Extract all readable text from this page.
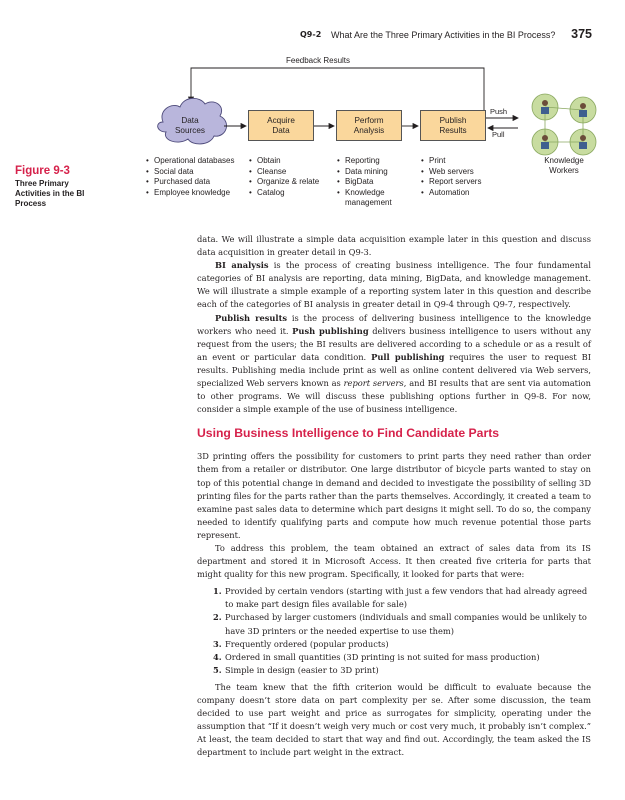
Q9-2 What Are the Three Primary Activities in the BI Process? 375
Feedback Results
Data
Sources
Acquire
Data
Perform
Analysis
Publish
Results
Push
Pull
Knowledge
Workers
• Operational databases
• Social data
• Purchased data
• Employee knowledge
• Obtain
• Cleanse
• Organize & relate
• Catalog
• Reporting
• Data mining
• BigData
• Knowledge management
• Print
• Web servers
• Report servers
• Automation
Figure 9-3
Three Primary Activities in the BI Process

data. We will illustrate a simple data acquisition example later in this question and discuss data acquisition in greater detail in Q9-3.

BI analysis is the process of creating business intelligence. The four fundamental categories of BI analysis are reporting, data mining, BigData, and knowledge management. We will illustrate a simple example of a reporting system later in this question and describe each of the categories of BI analysis in greater detail in Q9-4 through Q9-7, respectively.

Publish results is the process of delivering business intelligence to the knowledge workers who need it. Push publishing delivers business intelligence to users without any request from the users; the BI results are delivered according to a schedule or as a result of an event or particular data condition. Pull publishing requires the user to request BI results. Publishing media include print as well as online content delivered via Web servers, specialized Web servers known as report servers, and BI results that are sent via automation to other programs. We will discuss these publishing options further in Q9-8. For now, consider a simple example of the use of business intelligence.

Using Business Intelligence to Find Candidate Parts

3D printing offers the possibility for customers to print parts they need rather than order them from a retailer or distributor. One large distributor of bicycle parts wanted to stay on top of this potential change in demand and decided to investigate the possibility of selling 3D printing files for the parts rather than the parts themselves. Accordingly, it created a team to examine past sales data to determine which part designs it might sell. To do so, the company needed to identify qualifying parts and compute how much revenue potential those parts represent.

To address this problem, the team obtained an extract of sales data from its IS department and stored it in Microsoft Access. It then created five criteria for parts that might quality for this new program. Specifically, it looked for parts that were:

1. Provided by certain vendors (starting with just a few vendors that had already agreed to make part design files available for sale)
2. Purchased by larger customers (individuals and small companies would be unlikely to have 3D printers or the needed expertise to use them)
3. Frequently ordered (popular products)
4. Ordered in small quantities (3D printing is not suited for mass production)
5. Simple in design (easier to 3D print)

The team knew that the fifth criterion would be difficult to evaluate because the company doesn’t store data on part complexity per se. After some discussion, the team decided to use part weight and price as surrogates for simplicity, operating under the assumption that “If it doesn’t weigh very much or cost very much, it probably isn’t complex.” At least, the team decided to start that way and find out. Accordingly, the team asked the IS department to include part weight in the extract.
